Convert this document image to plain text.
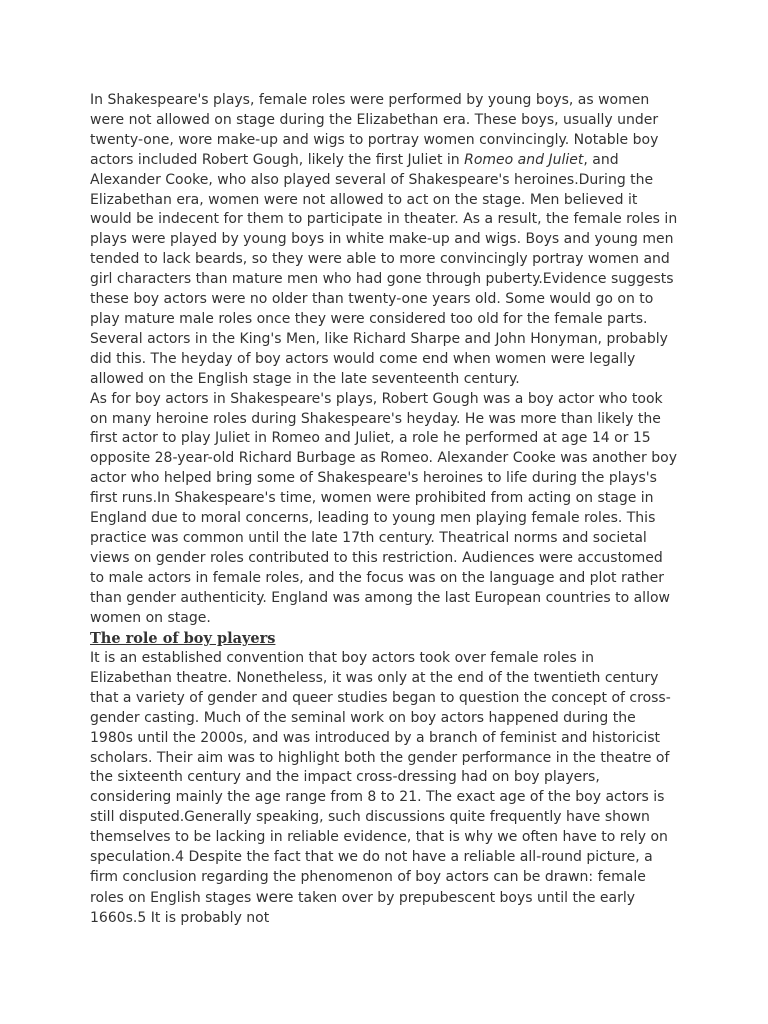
In Shakespeare's plays, female roles were performed by young boys, as women were not allowed on stage during the Elizabethan era. These boys, usually under twenty-one, wore make-up and wigs to portray women convincingly. Notable boy actors included Robert Gough, likely the first Juliet in Romeo and Juliet, and Alexander Cooke, who also played several of Shakespeare's heroines.During the Elizabethan era, women were not allowed to act on the stage. Men believed it would be indecent for them to participate in theater. As a result, the female roles in plays were played by young boys in white make-up and wigs. Boys and young men tended to lack beards, so they were able to more convincingly portray women and girl characters than mature men who had gone through puberty.Evidence suggests these boy actors were no older than twenty-one years old. Some would go on to play mature male roles once they were considered too old for the female parts. Several actors in the King's Men, like Richard Sharpe and John Honyman, probably did this. The heyday of boy actors would come end when women were legally allowed on the English stage in the late seventeenth century.

As for boy actors in Shakespeare's plays, Robert Gough was a boy actor who took on many heroine roles during Shakespeare's heyday. He was more than likely the first actor to play Juliet in Romeo and Juliet, a role he performed at age 14 or 15 opposite 28-year-old Richard Burbage as Romeo. Alexander Cooke was another boy actor who helped bring some of Shakespeare's heroines to life during the plays's first runs.In Shakespeare's time, women were prohibited from acting on stage in England due to moral concerns, leading to young men playing female roles. This practice was common until the late 17th century. Theatrical norms and societal views on gender roles contributed to this restriction. Audiences were accustomed to male actors in female roles, and the focus was on the language and plot rather than gender authenticity. England was among the last European countries to allow women on stage.

The role of boy players

It is an established convention that boy actors took over female roles in Elizabethan theatre. Nonetheless, it was only at the end of the twentieth century that a variety of gender and queer studies began to question the concept of cross-gender casting. Much of the seminal work on boy actors happened during the 1980s until the 2000s, and was introduced by a branch of feminist and historicist scholars. Their aim was to highlight both the gender performance in the theatre of the sixteenth century and the impact cross-dressing had on boy players, considering mainly the age range from 8 to 21. The exact age of the boy actors is still disputed.Generally speaking, such discussions quite frequently have shown themselves to be lacking in reliable evidence, that is why we often have to rely on speculation.4 Despite the fact that we do not have a reliable all-round picture, a firm conclusion regarding the phenomenon of boy actors can be drawn: female roles on English stages were taken over by prepubescent boys until the early 1660s.5 It is probably not
